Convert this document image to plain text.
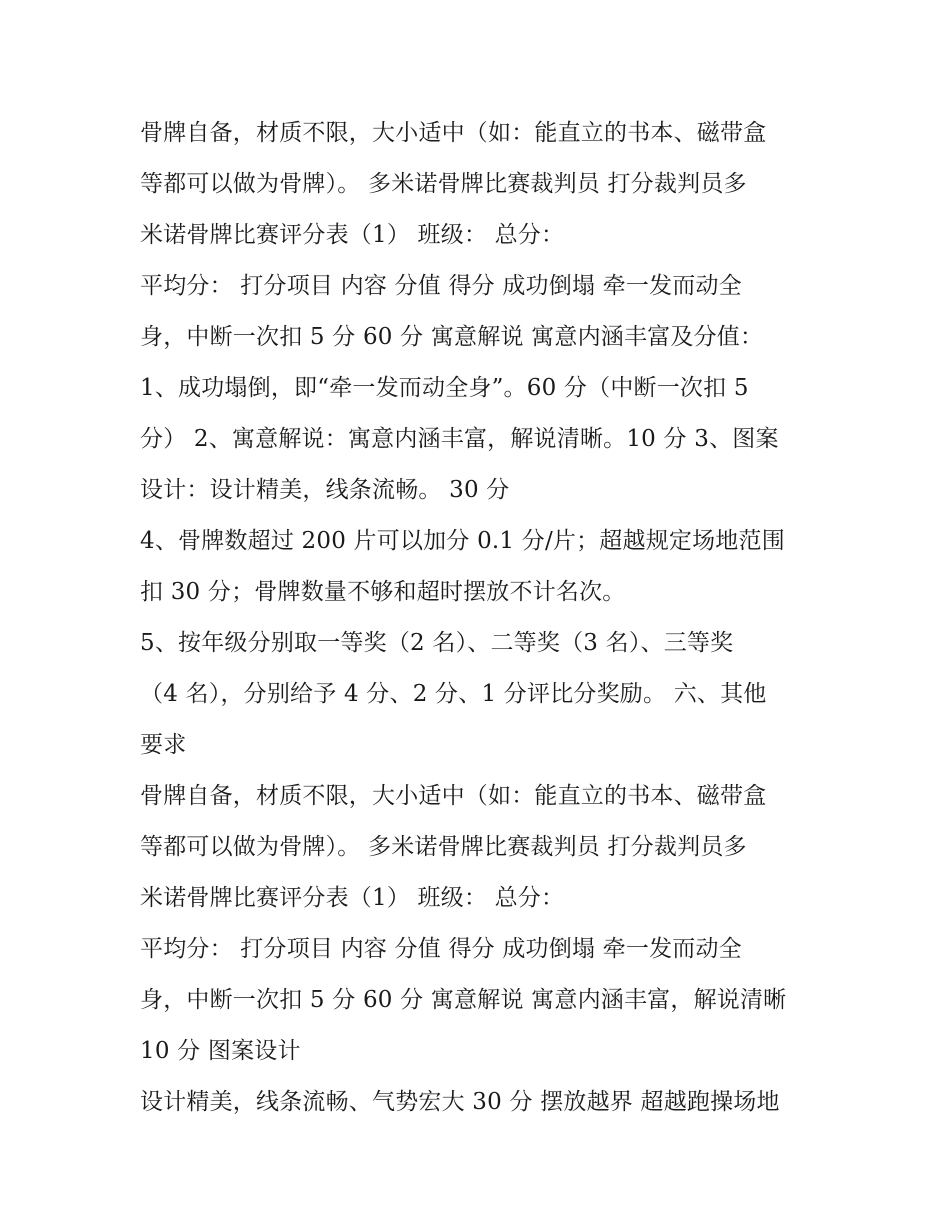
骨牌自备，材质不限，大小适中（如：能直立的书本、磁带盒
等都可以做为骨牌）。 多米诺骨牌比赛裁判员 打分裁判员多
米诺骨牌比赛评分表（1） 班级： 总分：
平均分： 打分项目 内容 分值 得分 成功倒塌 牵一发而动全
身，中断一次扣 5 分 60 分 寓意解说 寓意内涵丰富及分值：
1、成功塌倒，即“牵一发而动全身”。60 分（中断一次扣 5
分） 2、寓意解说：寓意内涵丰富，解说清晰。10 分 3、图案
设计：设计精美，线条流畅。 30 分
4、骨牌数超过 200 片可以加分 0.1 分/片；超越规定场地范围
扣 30 分；骨牌数量不够和超时摆放不计名次。
5、按年级分别取一等奖（2 名）、二等奖（3 名）、三等奖
（4 名），分别给予 4 分、2 分、1 分评比分奖励。 六、其他
要求
骨牌自备，材质不限，大小适中（如：能直立的书本、磁带盒
等都可以做为骨牌）。 多米诺骨牌比赛裁判员 打分裁判员多
米诺骨牌比赛评分表（1） 班级： 总分：
平均分： 打分项目 内容 分值 得分 成功倒塌 牵一发而动全
身，中断一次扣 5 分 60 分 寓意解说 寓意内涵丰富，解说清晰
10 分 图案设计
设计精美，线条流畅、气势宏大 30 分 摆放越界 超越跑操场地
